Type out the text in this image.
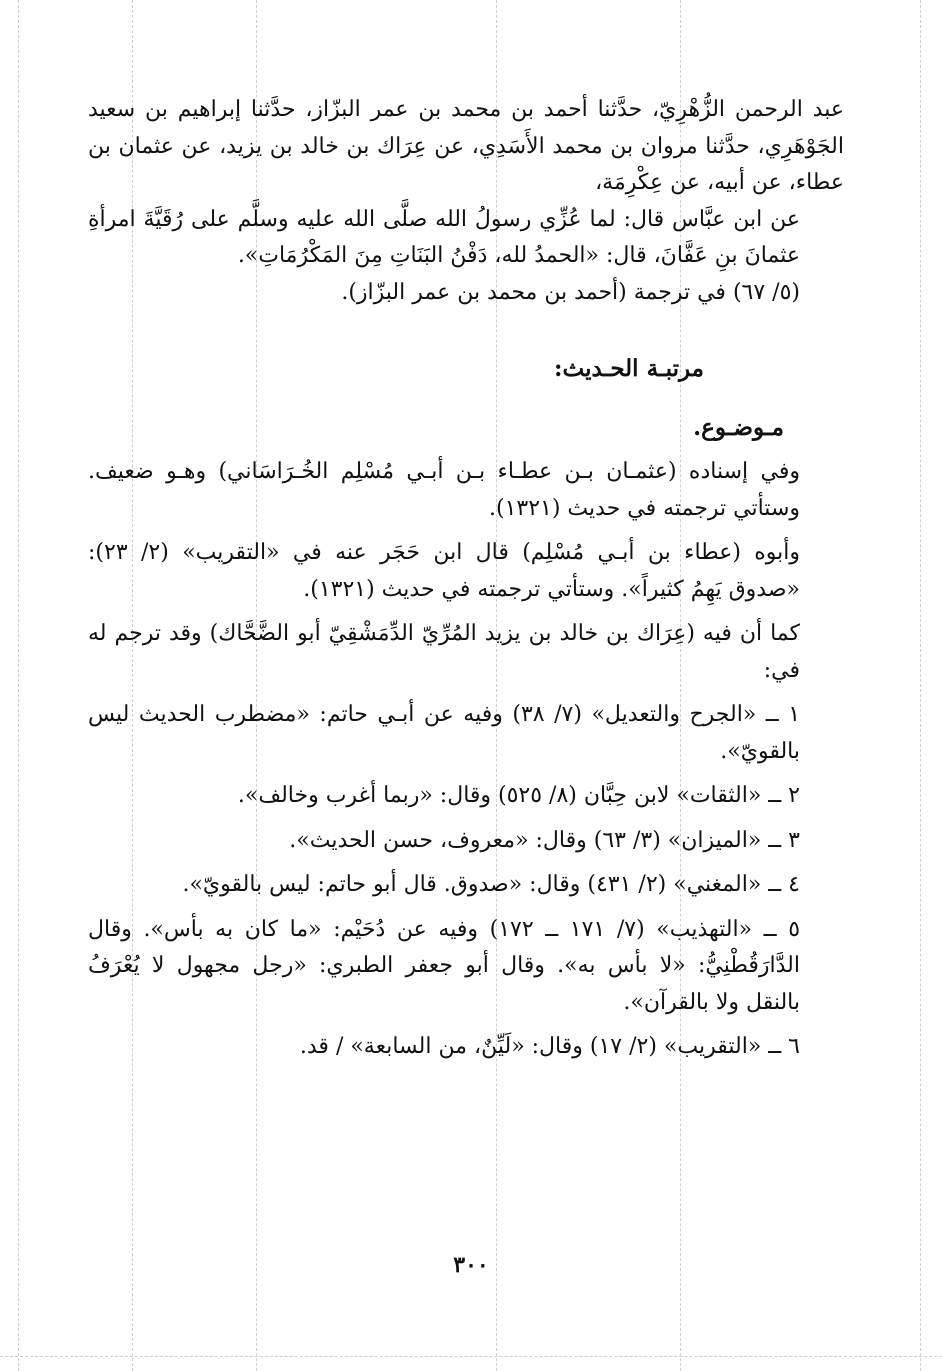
عبد الرحمن الزُّهْرِيّ، حدَّثنا أحمد بن محمد بن عمر البزّاز، حدَّثنا إبراهيم بن سعيد الجَوْهَرِي، حدَّثنا مروان بن محمد الأَسَدِي، عن عِرَاك بن خالد بن يزيد، عن عثمان بن عطاء، عن أبيه، عن عِكْرِمَة،

عن ابن عبَّاس قال: لما عُزِّي رسولُ الله صلَّى الله عليه وسلَّم على رُقَيَّةَ امرأةِ عثمانَ بنِ عَفَّانَ، قال: «الحمدُ لله، دَفْنُ البَنَاتِ مِنَ المَكْرُمَاتِ».

(٥/ ٦٧) في ترجمة (أحمد بن محمد بن عمر البزّاز).

مرتبـة الحـديث:

مـوضـوع.

وفي إسناده (عثمـان بـن عطـاء بـن أبـي مُسْلِم الخُـرَاسَاني) وهـو ضعيف. وستأتي ترجمته في حديث (١٣٢١).

وأبوه (عطاء بن أبـي مُسْلِم) قال ابن حَجَر عنه في «التقريب» (٢/ ٢٣): «صدوق يَهِمُ كثيراً». وستأتي ترجمته في حديث (١٣٢١).

كما أن فيه (عِرَاك بن خالد بن يزيد المُرِّيّ الدِّمَشْقِيّ أبو الضَّحَّاك) وقد ترجم له في:

١ ــ «الجرح والتعديل» (٧/ ٣٨) وفيه عن أبـي حاتم: «مضطرب الحديث ليس بالقويّ».

٢ ــ «الثقات» لابن حِبَّان (٨/ ٥٢٥) وقال: «ربما أغرب وخالف».

٣ ــ «الميزان» (٣/ ٦٣) وقال: «معروف، حسن الحديث».

٤ ــ «المغني» (٢/ ٤٣١) وقال: «صدوق. قال أبو حاتم: ليس بالقويّ».

٥ ــ «التهذيب» (٧/ ١٧١ ــ ١٧٢) وفيه عن دُحَيْم: «ما كان به بأس». وقال الدَّارَقُطْنِيُّ: «لا بأس به». وقال أبو جعفر الطبري: «رجل مجهول لا يُعْرَفُ بالنقل ولا بالقرآن».

٦ ــ «التقريب» (٢/ ١٧) وقال: «لَيِّنٌ، من السابعة» / قد.

٣٠٠
